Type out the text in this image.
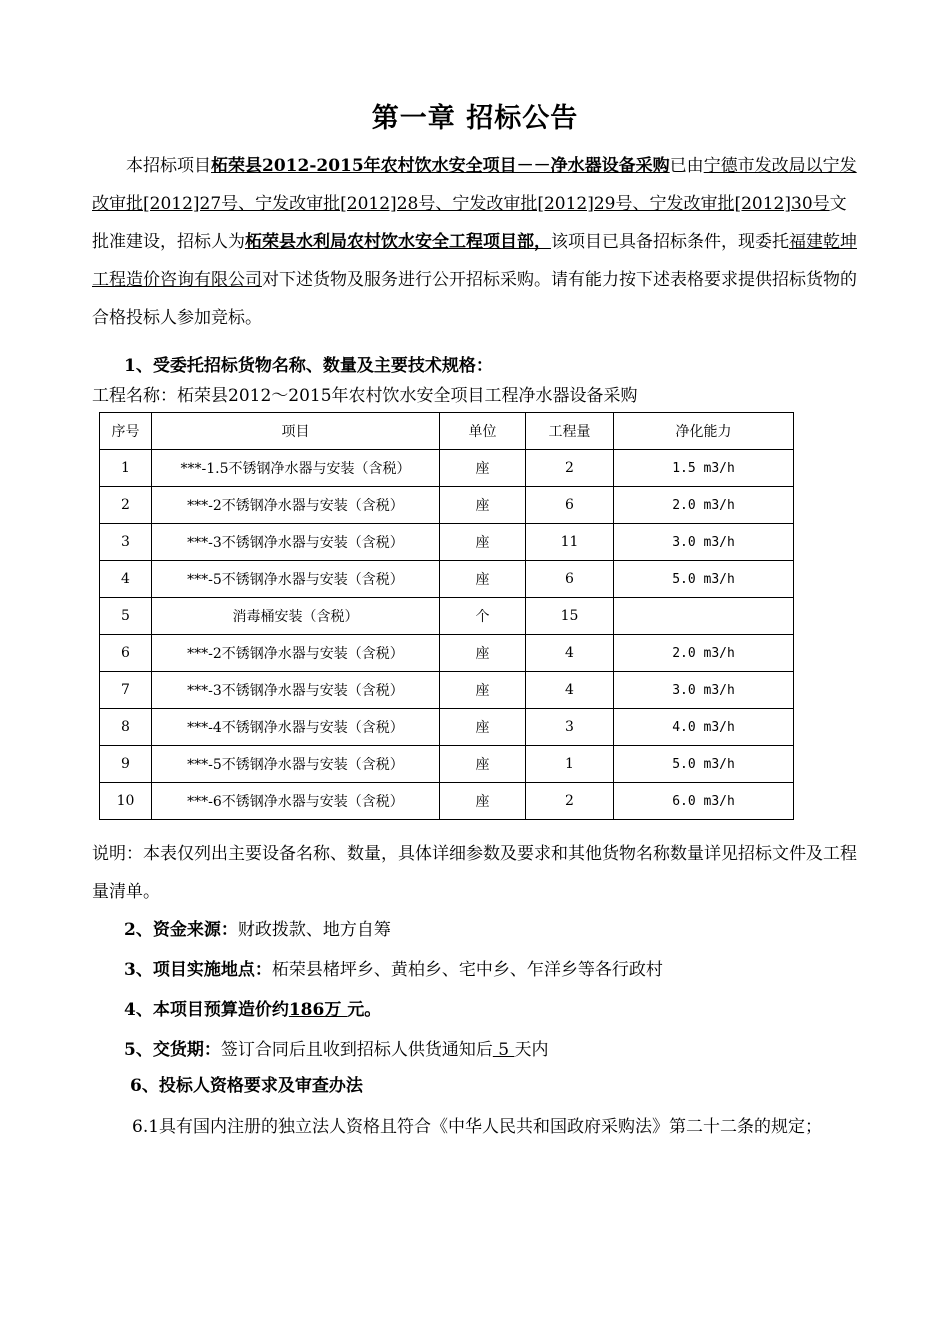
第一章 招标公告
本招标项目柘荣县2012-2015年农村饮水安全项目－－净水器设备采购已由宁德市发改局以宁发改审批[2012]27号、宁发改审批[2012]28号、宁发改审批[2012]29号、宁发改审批[2012]30号文批准建设，招标人为柘荣县水利局农村饮水安全工程项目部，该项目已具备招标条件，现委托福建乾坤工程造价咨询有限公司对下述货物及服务进行公开招标采购。请有能力按下述表格要求提供招标货物的合格投标人参加竞标。
1、受委托招标货物名称、数量及主要技术规格：
工程名称：柘荣县2012～2015年农村饮水安全项目工程净水器设备采购
序号	项目	单位	工程量	净化能力
1	***-1.5不锈钢净水器与安装（含税）	座	2	1.5 m3/h
2	***-2不锈钢净水器与安装（含税）	座	6	2.0 m3/h
3	***-3不锈钢净水器与安装（含税）	座	11	3.0 m3/h
4	***-5不锈钢净水器与安装（含税）	座	6	5.0 m3/h
5	消毒桶安装（含税）	个	15	
6	***-2不锈钢净水器与安装（含税）	座	4	2.0 m3/h
7	***-3不锈钢净水器与安装（含税）	座	4	3.0 m3/h
8	***-4不锈钢净水器与安装（含税）	座	3	4.0 m3/h
9	***-5不锈钢净水器与安装（含税）	座	1	5.0 m3/h
10	***-6不锈钢净水器与安装（含税）	座	2	6.0 m3/h
说明：本表仅列出主要设备名称、数量，具体详细参数及要求和其他货物名称数量详见招标文件及工程量清单。
2、资金来源：财政拨款、地方自筹
3、项目实施地点：柘荣县楮坪乡、黄柏乡、宅中乡、乍洋乡等各行政村
4、本项目预算造价约186万 元。
5、交货期：签订合同后且收到招标人供货通知后 5 天内
6、投标人资格要求及审查办法
6.1具有国内注册的独立法人资格且符合《中华人民共和国政府采购法》第二十二条的规定；
